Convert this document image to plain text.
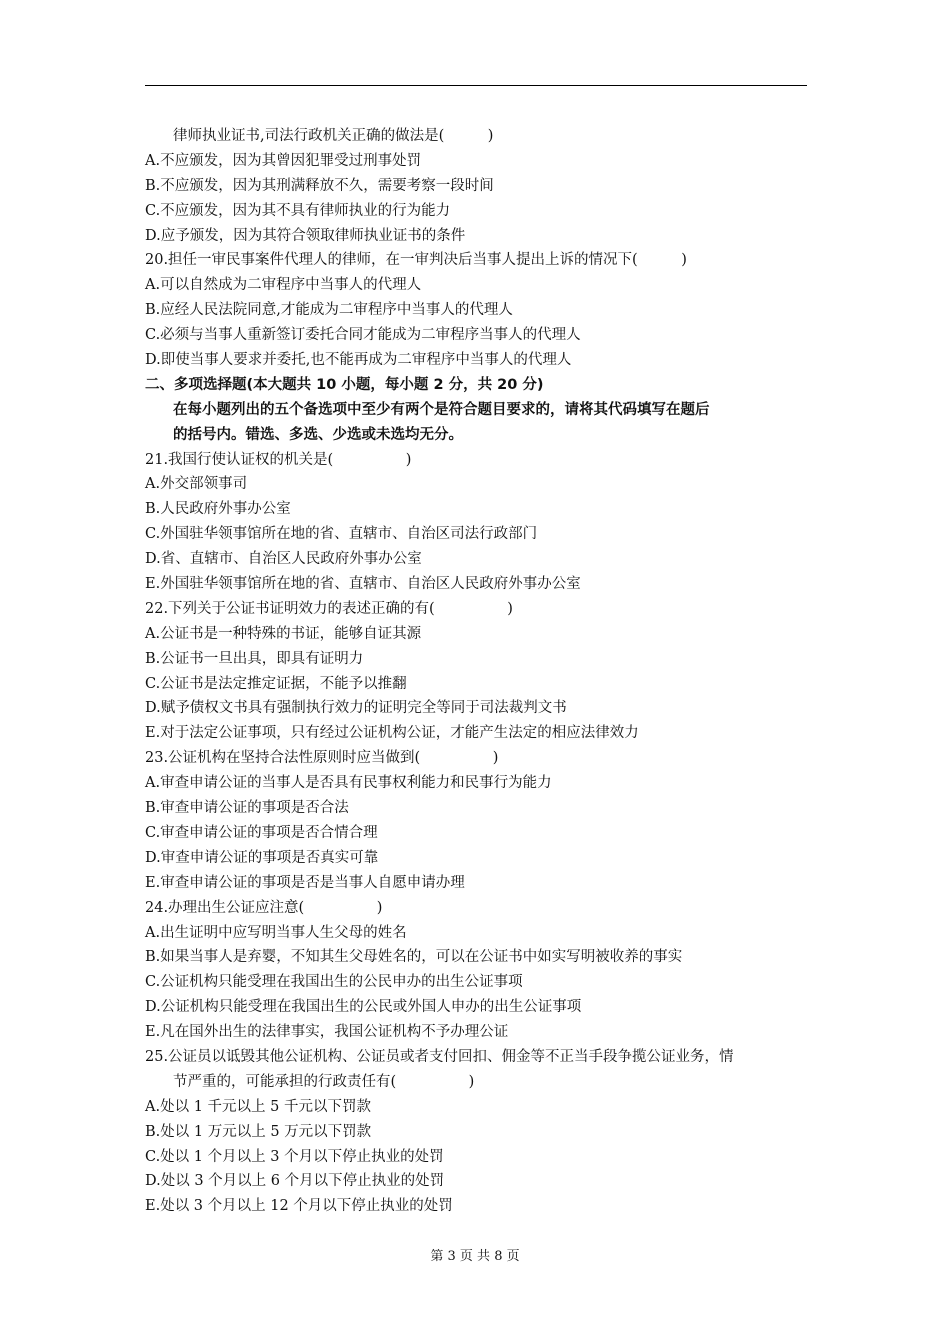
律师执业证书,司法行政机关正确的做法是(　　　)
A.不应颁发，因为其曾因犯罪受过刑事处罚
B.不应颁发，因为其刑满释放不久，需要考察一段时间
C.不应颁发，因为其不具有律师执业的行为能力
D.应予颁发，因为其符合领取律师执业证书的条件
20.担任一审民事案件代理人的律师，在一审判决后当事人提出上诉的情况下(　　　)
A.可以自然成为二审程序中当事人的代理人
B.应经人民法院同意,才能成为二审程序中当事人的代理人
C.必须与当事人重新签订委托合同才能成为二审程序当事人的代理人
D.即使当事人要求并委托,也不能再成为二审程序中当事人的代理人
二、多项选择题(本大题共 10 小题，每小题 2 分，共 20 分)
在每小题列出的五个备选项中至少有两个是符合题目要求的，请将其代码填写在题后
的括号内。错选、多选、少选或未选均无分。
21.我国行使认证权的机关是(　　　　　)
A.外交部领事司
B.人民政府外事办公室
C.外国驻华领事馆所在地的省、直辖市、自治区司法行政部门
D.省、直辖市、自治区人民政府外事办公室
E.外国驻华领事馆所在地的省、直辖市、自治区人民政府外事办公室
22.下列关于公证书证明效力的表述正确的有(　　　　　)
A.公证书是一种特殊的书证，能够自证其源
B.公证书一旦出具，即具有证明力
C.公证书是法定推定证据，不能予以推翻
D.赋予债权文书具有强制执行效力的证明完全等同于司法裁判文书
E.对于法定公证事项，只有经过公证机构公证，才能产生法定的相应法律效力
23.公证机构在坚持合法性原则时应当做到(　　　　　)
A.审查申请公证的当事人是否具有民事权利能力和民事行为能力
B.审查申请公证的事项是否合法
C.审查申请公证的事项是否合情合理
D.审查申请公证的事项是否真实可靠
E.审查申请公证的事项是否是当事人自愿申请办理
24.办理出生公证应注意(　　　　　)
A.出生证明中应写明当事人生父母的姓名
B.如果当事人是弃婴，不知其生父母姓名的，可以在公证书中如实写明被收养的事实
C.公证机构只能受理在我国出生的公民申办的出生公证事项
D.公证机构只能受理在我国出生的公民或外国人申办的出生公证事项
E.凡在国外出生的法律事实，我国公证机构不予办理公证
25.公证员以诋毁其他公证机构、公证员或者支付回扣、佣金等不正当手段争揽公证业务，情
节严重的，可能承担的行政责任有(　　　　　)
A.处以 1 千元以上 5 千元以下罚款
B.处以 1 万元以上 5 万元以下罚款
C.处以 1 个月以上 3 个月以下停止执业的处罚
D.处以 3 个月以上 6 个月以下停止执业的处罚
E.处以 3 个月以上 12 个月以下停止执业的处罚
第 3 页 共 8 页
